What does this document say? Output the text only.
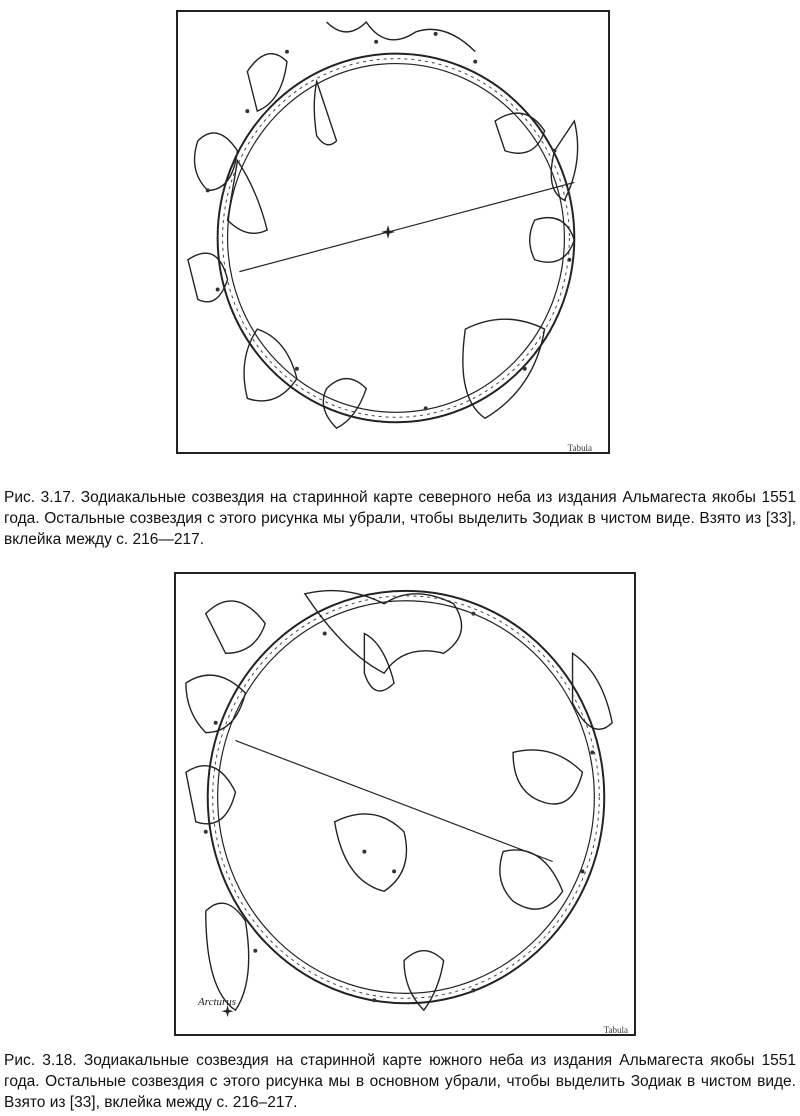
Tabula
Рис. 3.17. Зодиакальные созвездия на старинной карте северного неба из издания Альмагеста якобы 1551 года. Остальные созвездия с этого рисунка мы убрали, чтобы выделить Зодиак в чистом виде. Взято из [33], вклейка между с. 216—217.
Arcturus
Tabula
Рис. 3.18. Зодиакальные созвездия на старинной карте южного неба из издания Альмагеста якобы 1551 года. Остальные созвездия с этого рисунка мы в основном убрали, чтобы выделить Зодиак в чистом виде. Взято из [33], вклейка между с. 216–217.
